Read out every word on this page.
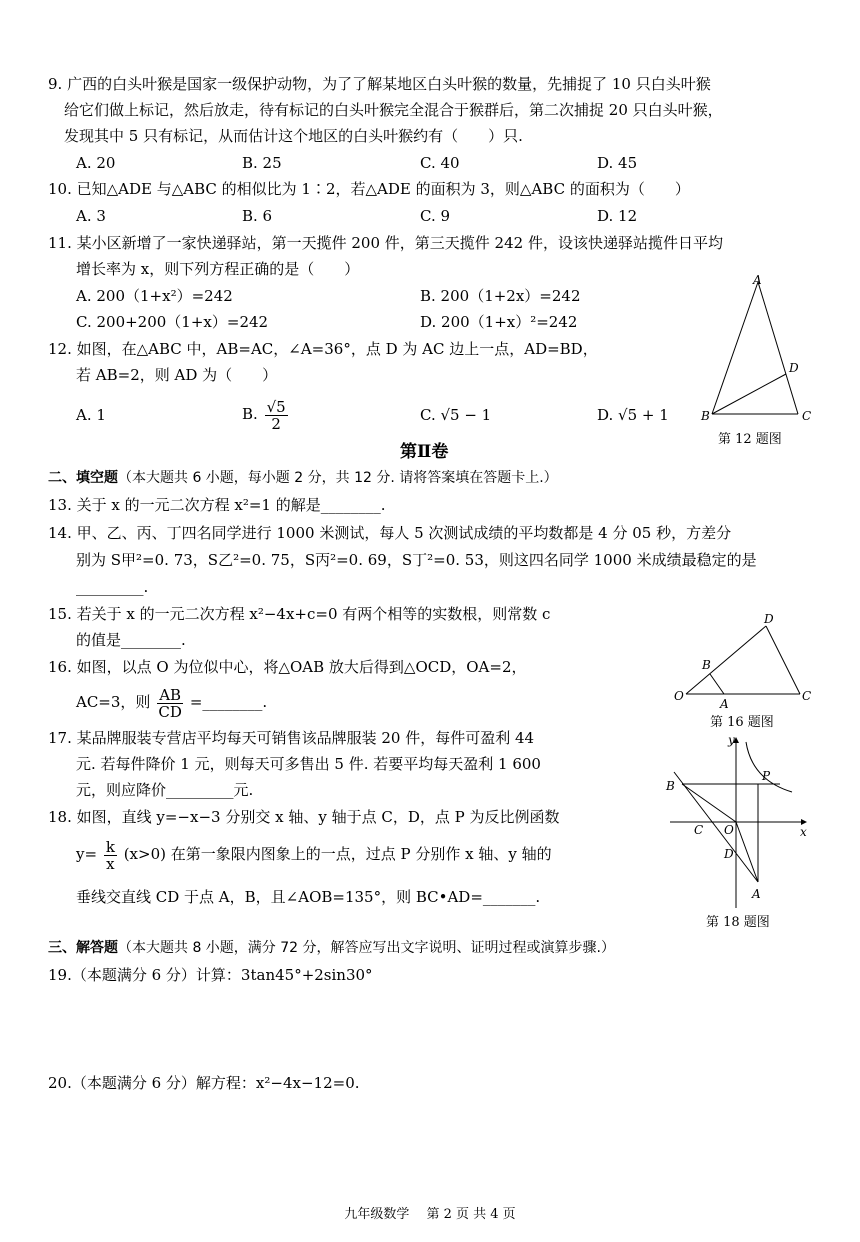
9. 广西的白头叶猴是国家一级保护动物，为了了解某地区白头叶猴的数量，先捕捉了 10 只白头叶猴
给它们做上标记，然后放走，待有标记的白头叶猴完全混合于猴群后，第二次捕捉 20 只白头叶猴，
发现其中 5 只有标记，从而估计这个地区的白头叶猴约有（　　）只.
A. 20	B. 25	C. 40	D. 45
10. 已知△ADE 与△ABC 的相似比为 1∶2，若△ADE 的面积为 3，则△ABC 的面积为（　　）
A. 3	B. 6	C. 9	D. 12
11. 某小区新增了一家快递驿站，第一天揽件 200 件，第三天揽件 242 件，设该快递驿站揽件日平均
增长率为 x，则下列方程正确的是（　　）
A. 200（1+x²）=242	B. 200（1+2x）=242
C. 200+200（1+x）=242	D. 200（1+x）²=242
12. 如图，在△ABC 中，AB=AC，∠A=36°，点 D 为 AC 边上一点，AD=BD，
若 AB=2，则 AD 为（　　）
A. 1	B. $\frac{√5}{2}$	C. √5 − 1	D. √5 + 1
A
B	C
D
第 12 题图
第Ⅱ卷
二、填空题（本大题共 6 小题，每小题 2 分，共 12 分. 请将答案填在答题卡上.）
13. 关于 x 的一元二次方程 x²=1 的解是________.
14. 甲、乙、丙、丁四名同学进行 1000 米测试，每人 5 次测试成绩的平均数都是 4 分 05 秒，方差分
别为 S甲²=0. 73，S乙²=0. 75，S丙²=0. 69，S丁²=0. 53，则这四名同学 1000 米成绩最稳定的是
_________.
15. 若关于 x 的一元二次方程 x²−4x+c=0 有两个相等的实数根，则常数 c
的值是________.
16. 如图，以点 O 为位似中心，将△OAB 放大后得到△OCD，OA=2，
AC=3，则 $\frac{AB}{CD}$ =________.	O
A
B
C
D
第 16 题图
17. 某品牌服装专营店平均每天可销售该品牌服装 20 件，每件可盈利 44
元. 若每件降价 1 元，则每天可多售出 5 件. 若要平均每天盈利 1 600
元，则应降价_________元.
18. 如图，直线 y=−x−3 分别交 x 轴、y 轴于点 C，D，点 P 为反比例函数
$y= \frac{k}{x} (x>0)$ 在第一象限内图象上的一点，过点 P 分别作 x 轴、y 轴的
垂线交直线 CD 于点 A，B，且∠AOB=135°，则 BC•AD=_______.
y
x
O
P
B
C
D
A
第 18 题图
三、解答题（本大题共 8 小题，满分 72 分，解答应写出文字说明、证明过程或演算步骤.）
19.（本题满分 6 分）计算：3tan45°+2sin30°
20.（本题满分 6 分）解方程：x²−4x−12=0.
九年级数学　 第 2 页 共 4 页
